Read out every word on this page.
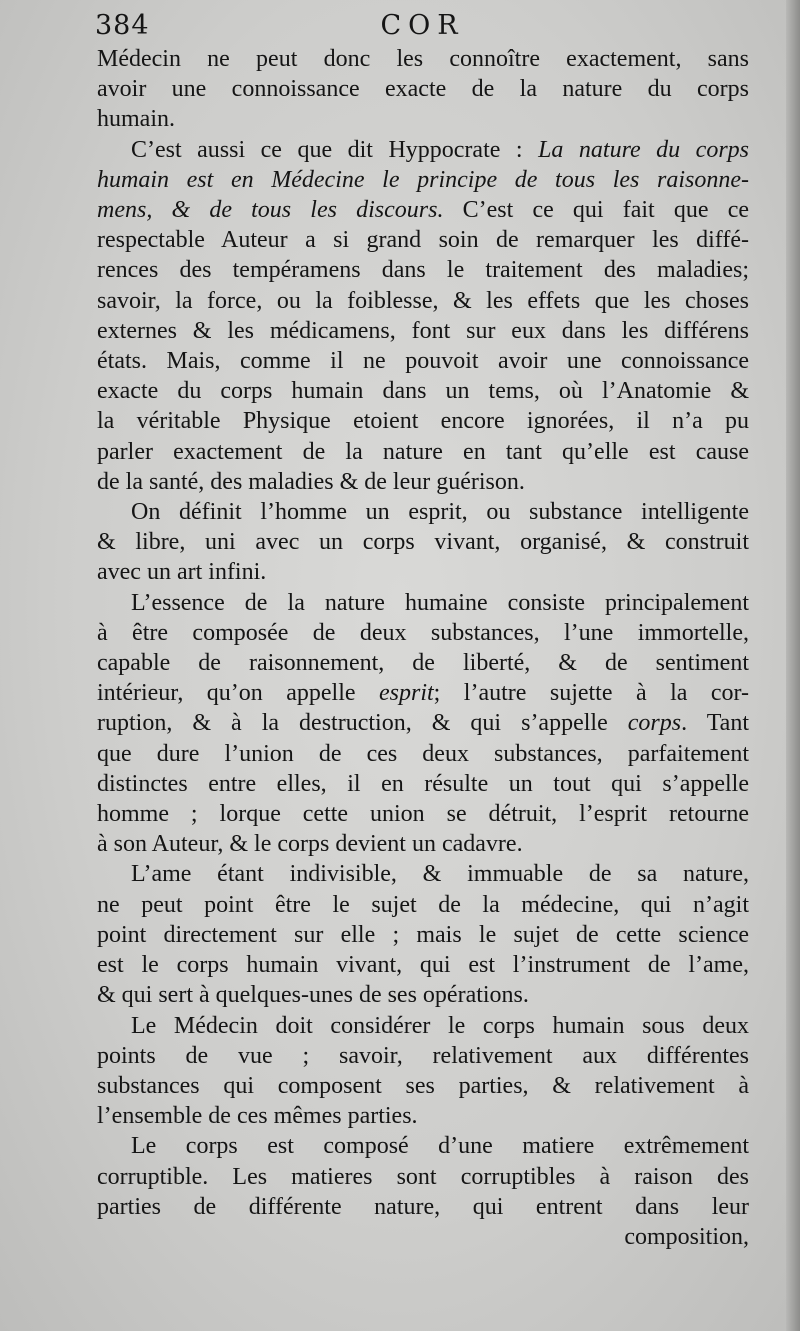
384	COR
Médecin ne peut donc les connoître exactement, sans
avoir une connoissance exacte de la nature du corps
humain.
C’est aussi ce que dit Hyppocrate : La nature du corps
humain est en Médecine le principe de tous les raisonne-
mens, & de tous les discours. C’est ce qui fait que ce
respectable Auteur a si grand soin de remarquer les diffé-
rences des tempéramens dans le traitement des maladies;
savoir, la force, ou la foiblesse, & les effets que les choses
externes & les médicamens, font sur eux dans les différens
états. Mais, comme il ne pouvoit avoir une connoissance
exacte du corps humain dans un tems, où l’Anatomie &
la véritable Physique etoient encore ignorées, il n’a pu
parler exactement de la nature en tant qu’elle est cause
de la santé, des maladies & de leur guérison.
On définit l’homme un esprit, ou substance intelligente
& libre, uni avec un corps vivant, organisé, & construit
avec un art infini.
L’essence de la nature humaine consiste principalement
à être composée de deux substances, l’une immortelle,
capable de raisonnement, de liberté, & de sentiment
intérieur, qu’on appelle esprit; l’autre sujette à la cor-
ruption, & à la destruction, & qui s’appelle corps. Tant
que dure l’union de ces deux substances, parfaitement
distinctes entre elles, il en résulte un tout qui s’appelle
homme ; lorque cette union se détruit, l’esprit retourne
à son Auteur, & le corps devient un cadavre.
L’ame étant indivisible, & immuable de sa nature,
ne peut point être le sujet de la médecine, qui n’agit
point directement sur elle ; mais le sujet de cette science
est le corps humain vivant, qui est l’instrument de l’ame,
& qui sert à quelques-unes de ses opérations.
Le Médecin doit considérer le corps humain sous deux
points de vue ; savoir, relativement aux différentes
substances qui composent ses parties, & relativement à
l’ensemble de ces mêmes parties.
Le corps est composé d’une matiere extrêmement
corruptible. Les matieres sont corruptibles à raison des
parties de différente nature, qui entrent dans leur
composition,
